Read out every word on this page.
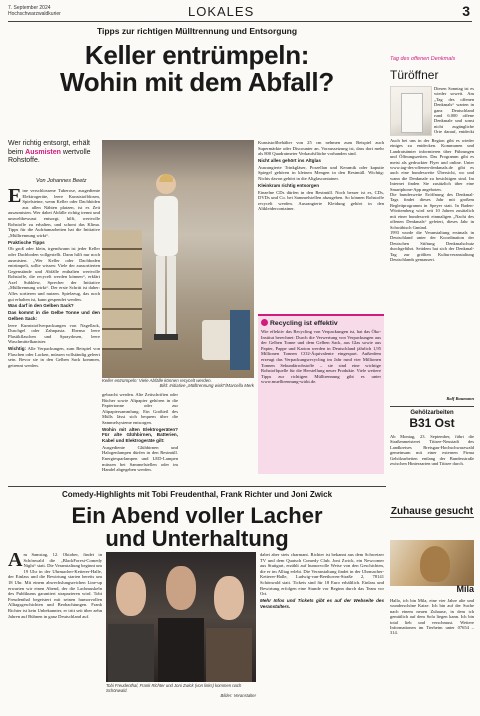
7. September 2024
Hochschwarzwaldkurier	LOKALES	3
Tipps zur richtigen Mülltrennung und Entsorgung
Keller entrümpeln:
Wohin mit dem Abfall?
Wer richtig entsorgt, erhält beim Ausmisten wertvolle Rohstoffe.
Von Johannes Beetz

Eine verschlossene Tuberose, ausgediente Elektrogeräte, leere Kunststoffdosen, Spielsteine, wenn Keller oder Dachböden aus allen Nähten platzen, ist es Zeit auszumisten. Wer dabei Abfälle richtig trennt und umweltbewusst entsorgt, hilft, wertvolle Rohstoffe zu erhalten, und schont das Klima. Tipps für die Aufräumarbeiten hat die Initiative „Mülltrennung wirkt“.

Praktische Tipps

Ob groß oder klein, irgendwann ist jeder Keller oder Dachboden vollgestellt. Dann hilft nur noch ausmisten. „Wer Keller oder Dachboden entrümpelt, sollte wissen: Viele der aussortierten Gegenstände und Abfälle enthalten wertvolle Rohstoffe, die recycelt werden können“, erklärt Axel Subklew, Sprecher der Initiative „Mülltrennung wirkt“. Der erste Schritt ist daher: Alles sortieren und nutzen. Spielzeug, das noch gut erhalten ist, kann gespendet werden.

Was darf in den Gelben Sack?

Das kommt in die Gelbe Tonne und den Gelben Sack:

leere Kunststoffverpackungen von Nagellack, Duschgel oder Zahnpasta. Ebenso leere Plastikflaschen und Spraydosen, leere Waschmittelkanister.

Wichtig: Alle Verpackungen, zum Beispiel von Flaschen oder Lacken, müssen vollständig geleert sein. Bevor sie in den Gelben Sack kommen, getrennt werden.

Keller entrümpeln: Viele Abfälle können recycelt werden.
Bild: Initiative „Mülltrennung wirkt“/Marcella Merk

gebracht werden. Alte Zeitschriften oder Bücher sowie Altpapier gehören in die Papiertonne oder zur Altpapiersammlung. Ein Großteil des Mülls lässt sich bequem über die Sammelsysteme entsorgen.

Wohin mit alten Elektrogeräten? Für alte Glühbirnen, Batterien, Kabel und Elektrogeräte gilt:

Ausgediente Glühbirnen und Halogenlampen dürfen in den Restmüll. Energiesparlampen und LED-Lampen müssen bei Sammelstellen oder im Handel abgegeben werden.

Kunststoffbehälter von 25 cm nehmen zum Beispiel auch Supermärkte oder Discounter an. Voraussetzung ist, dass dort mehr als 800 Quadratmeter Verkaufsfläche vorhanden sind.

Nicht alles gehört ins Altglas

Ausrangierte Trinkgläser, Porzellan und Keramik oder kaputte Spiegel gehören in kleinen Mengen in den Restmüll. Wichtig: Nichts davon gehört in die Altglascontainer.

Kleinkram richtig entsorgen

Einzelne CDs dürfen in den Restmüll. Noch besser ist es, CDs, DVDs und Co. bei Sammelstellen abzugeben. So können Rohstoffe recycelt werden. Ausrangierte Kleidung gehört in den Altkleidercontainer.

Recycling ist effektiv
Wie effektiv das Recycling von Verpackungen ist, hat das Öko-Institut berechnet: Durch die Verwertung von Verpackungen aus der Gelben Tonne und dem Gelben Sack, aus Glas sowie aus Papier, Pappe und Karton werden in Deutschland jährlich 1,95 Millionen Tonnen CO2-Äquivalente eingespart. Außerdem erzeugt das Verpackungsrecycling im Jahr rund vier Millionen Tonnen Sekundärrohstoffe – sie sind eine wichtige Rohstoffquelle für die Herstellung neuer Produkte. Viele weitere Tipps zur richtigen Mülltrennung gibt es unter www.muelltrennung-wirkt.de.
Tag des offenen Denkmals
Türöffner
Diesen Sonntag ist es wieder soweit. Am „Tag des offenen Denkmals“ warten in ganz Deutschland rund 6.000 offene Denkmale und sonst nicht zugängliche Orte darauf, entdeckt

Auch bei uns in der Region gibt es wieder einiges zu entdecken. Kommunen und Landratsämter informieren über Führungen und Öffnungszeiten. Das Programm gibt es meist als gedruckter Flyer und online. Unter www.tag-des-offenen-denkmals.de gibt es auch eine bundesweite Übersicht, wo und wann die Denkmale zu besichtigen sind. Im Internet finden Sie zusätzlich über eine Smartphone-App angeboten.

Die bundesweite Eröffnung des Denkmal-Tags findet dieses Jahr mit großem Begleitprogramm in Speyer statt. In Baden-Württemberg wird seit 10 Jahren zusätzlich mit einer bundesweit einmaligen „Nacht des offenen Denkmals“ gefeiert, dieses Jahr in Schwäbisch Gmünd.

1993 wurde die Veranstaltung erstmals in Deutschland unter der Koordination der Deutschen Stiftung Denkmalschutz durchgeführt. Seitdem hat sich der Denkmal-Tag zur größten Kulturveranstaltung Deutschlands gemausert.

Ralf Baumann
Gehölzarbeiten
B31 Ost
Ab Montag, 23. September, führt die Straßenmeisterei Titisee-Neustadt des Landkreises Breisgau-Hochschwarzwald gemeinsam mit einer externen Firma Gehölzarbeiten entlang der Bundesstraße zwischen Hinterzarten und Titisee durch.
Zuhause gesucht
Mila
Hallo, ich bin Mila, eine vier Jahre alte und wunderschöne Katze. Ich bin auf der Suche nach einem neuen Zuhause, in dem ich gemütlich auf dem Sofa liegen kann. Ich bin total lieb und verschmust. Weitere Informationen im Tierheim unter 07654 – 314.
Comedy-Highlights mit Tobi Freudenthal, Frank Richter und Joni Zwick
Ein Abend voller Lacher
und Unterhaltung

Am Samstag, 12. Oktober, findet in Schönwald die „BlackForest-Comedy Night“ statt. Die Veranstaltung beginnt um 19 Uhr in der Uhrmacher-Ketterer-Halle, der Einlass und die Bewirtung starten bereits um 18 Uhr. Mit einem abwechslungsreichen Line-up erwarten wir einen Abend, der die Lachmuskeln des Publikums garantiert strapazieren wird. Tobi Freudenthal begeistert mit seinen humorvollen Alltagsgeschichten und Beobachtungen. Frank Richter ist kein Unbekannter, er tritt seit über zehn Jahren auf Bühnen in ganz Deutschland auf.

Tobi Freudenthal, Frank Richter und Joni Zwick (von links) kommen nach Schönwald.
Bilder: Veranstalter

dabei aber stets charmant. Richter ist bekannt aus dem Schweizer TV und dem Quatsch Comedy Club. Joni Zwick, ein Newcomer aus Stuttgart, erzählt auf humorvolle Weise von den Geschichten, die er im Alltag erlebt. Die Veranstaltung findet in der Uhrmacher-Ketterer-Halle, Ludwig-van-Beethoven-Straße 2, 78141 Schönwald statt. Tickets sind für 18 Euro erhältlich. Einlass und Bewirtung erfolgen eine Stunde vor Beginn durch das Team vor Ort.

Mehr Infos und Tickets gibt es auf der Webseite des Veranstalters.
